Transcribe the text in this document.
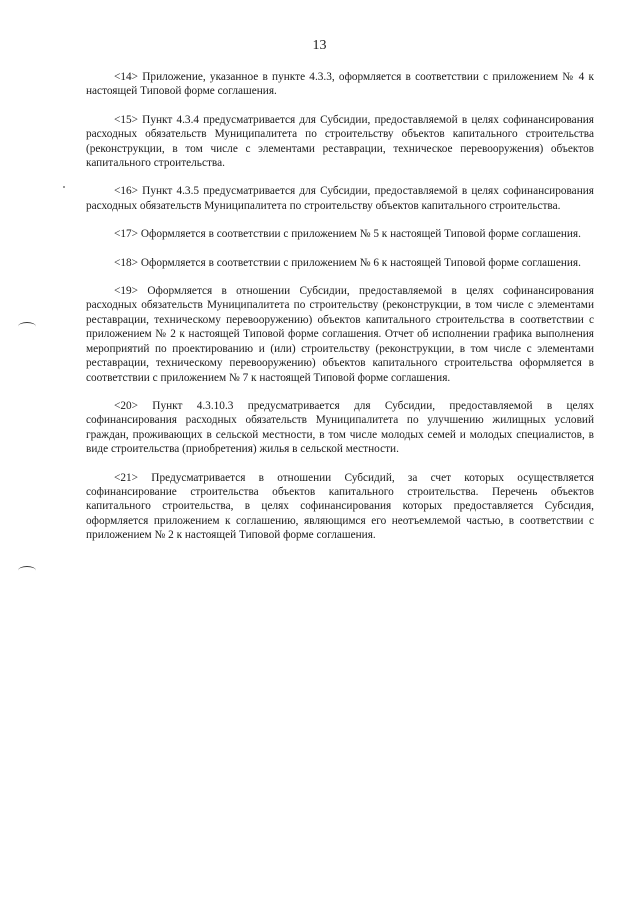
13

<14> Приложение, указанное в пункте 4.3.3, оформляется в соответствии с приложением № 4 к настоящей Типовой форме соглашения.

<15> Пункт 4.3.4 предусматривается для Субсидии, предоставляемой в целях софинансирования расходных обязательств Муниципалитета по строительству объектов капитального строительства (реконструкции, в том числе с элементами реставрации, техническое перевооружения) объектов капитального строительства.

<16> Пункт 4.3.5 предусматривается для Субсидии, предоставляемой в целях софинансирования расходных обязательств Муниципалитета по строительству объектов капитального строительства.

<17> Оформляется в соответствии с приложением № 5 к настоящей Типовой форме соглашения.

<18> Оформляется в соответствии с приложением № 6 к настоящей Типовой форме соглашения.

<19> Оформляется в отношении Субсидии, предоставляемой в целях софинансирования расходных обязательств Муниципалитета по строительству (реконструкции, в том числе с элементами реставрации, техническому перевооружению) объектов капитального строительства в соответствии с приложением № 2 к настоящей Типовой форме соглашения. Отчет об исполнении графика выполнения мероприятий по проектированию и (или) строительству (реконструкции, в том числе с элементами реставрации, техническому перевооружению) объектов капитального строительства оформляется в соответствии с приложением № 7 к настоящей Типовой форме соглашения.

<20> Пункт 4.3.10.3 предусматривается для Субсидии, предоставляемой в целях софинансирования расходных обязательств Муниципалитета по улучшению жилищных условий граждан, проживающих в сельской местности, в том числе молодых семей и молодых специалистов, в виде строительства (приобретения) жилья в сельской местности.

<21> Предусматривается в отношении Субсидий, за счет которых осуществляется софинансирование строительства объектов капитального строительства. Перечень объектов капитального строительства, в целях софинансирования которых предоставляется Субсидия, оформляется приложением к соглашению, являющимся его неотъемлемой частью, в соответствии с приложением № 2 к настоящей Типовой форме соглашения.
